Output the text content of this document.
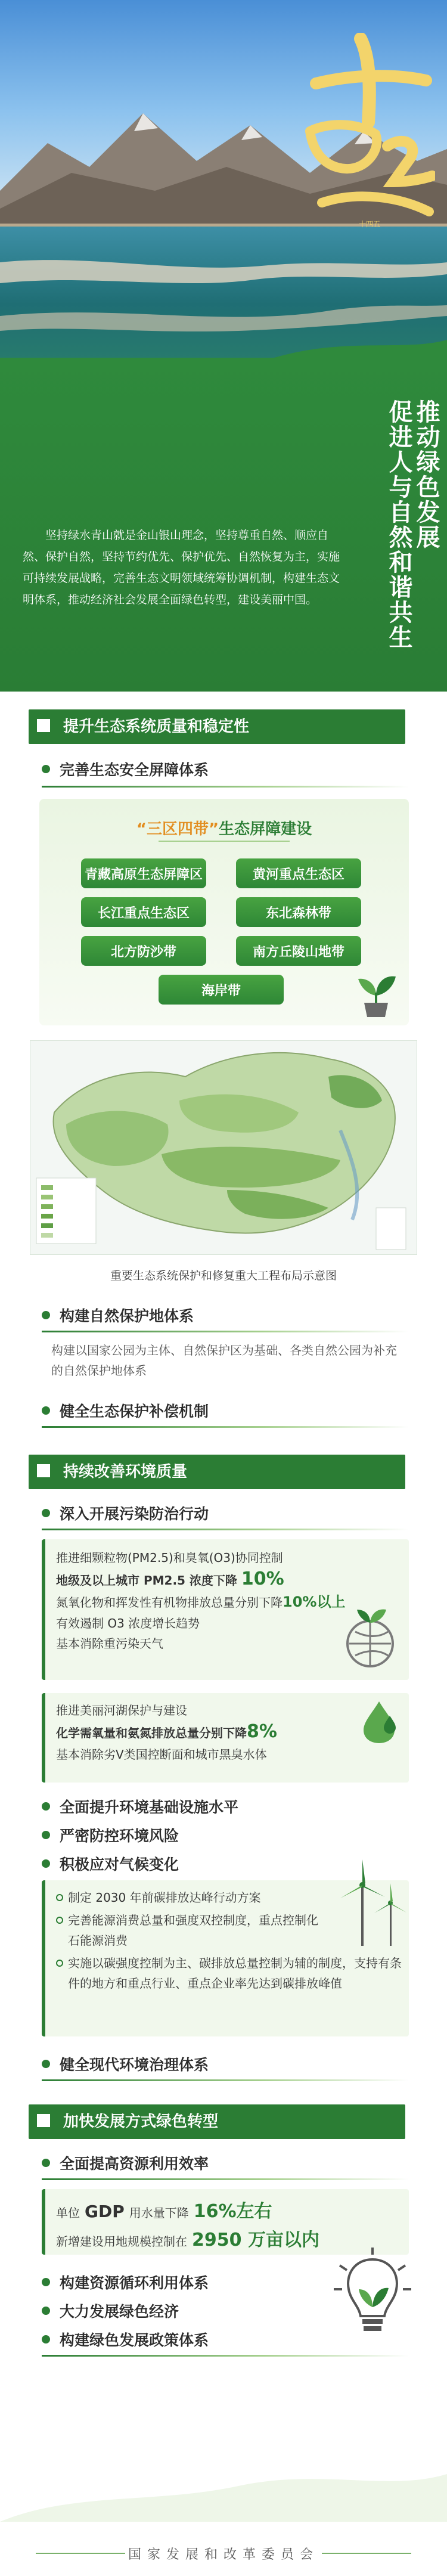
十四五
推动绿色发展
促进人与自然和谐共生

坚持绿水青山就是金山银山理念，坚持尊重自然、顺应自然、保护自然，坚持节约优先、保护优先、自然恢复为主，实施可持续发展战略，完善生态文明领域统筹协调机制，构建生态文明体系，推动经济社会发展全面绿色转型，建设美丽中国。

提升生态系统质量和稳定性
完善生态安全屏障体系
“三区四带”生态屏障建设
青藏高原生态屏障区	黄河重点生态区
长江重点生态区	东北森林带
北方防沙带	南方丘陵山地带
海岸带
重要生态系统保护和修复重大工程布局示意图
构建自然保护地体系
构建以国家公园为主体、自然保护区为基础、各类自然公园为补充的自然保护地体系
健全生态保护补偿机制
持续改善环境质量
深入开展污染防治行动
推进细颗粒物(PM2.5)和臭氧(O3)协同控制
地级及以上城市 PM2.5 浓度下降 10%
氮氧化物和挥发性有机物排放总量分别下降10%以上
有效遏制 O3 浓度增长趋势
基本消除重污染天气
推进美丽河湖保护与建设
化学需氧量和氨氮排放总量分别下降8%
基本消除劣Ⅴ类国控断面和城市黑臭水体
全面提升环境基础设施水平
严密防控环境风险
积极应对气候变化
制定 2030 年前碳排放达峰行动方案
完善能源消费总量和强度双控制度，重点控制化石能源消费
实施以碳强度控制为主、碳排放总量控制为辅的制度，支持有条件的地方和重点行业、重点企业率先达到碳排放峰值
健全现代环境治理体系
加快发展方式绿色转型
全面提高资源利用效率
单位 GDP 用水量下降 16%左右
新增建设用地规模控制在 2950 万亩以内
构建资源循环利用体系
大力发展绿色经济
构建绿色发展政策体系
国家发展和改革委员会
